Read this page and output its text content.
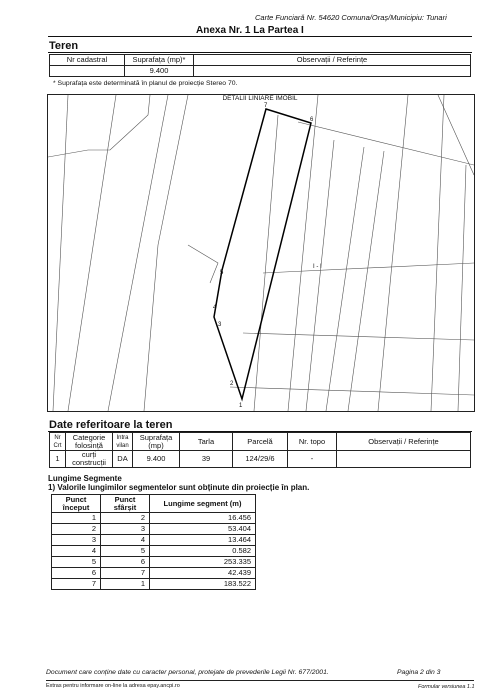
Carte Funciară Nr. 54620 Comuna/Oraș/Municipiu: Tunari
Anexa Nr. 1 La Partea I
Teren
Nr cadastral	Suprafața (mp)*	Observații / Referințe
	9.400	
* Suprafața este determinată în planul de proiecție Stereo 70.
7
6
1
2
3
4
5
I - I
DETALII LINIARE IMOBIL
Date referitoare la teren
Nr Crt	Categorie folosință	Intra vilan	Suprafața (mp)	Tarla	Parcelă	Nr. topo	Observații / Referințe
1	curți construcții	DA	9.400	39	124/29/6	-	
Lungime Segmente
1) Valorile lungimilor segmentelor sunt obținute din proiecție în plan.
Punct început	Punct sfârșit	Lungime segment (m)
1	2	16.456
2	3	53.404
3	4	13.464
4	5	0.582
5	6	253.335
6	7	42.439
7	1	183.522
Document care conține date cu caracter personal, protejate de prevederile Legii Nr. 677/2001.	Pagina 2 din 3
Extras pentru informare on-line la adresa epay.ancpi.ro	Formular versiunea 1.1
